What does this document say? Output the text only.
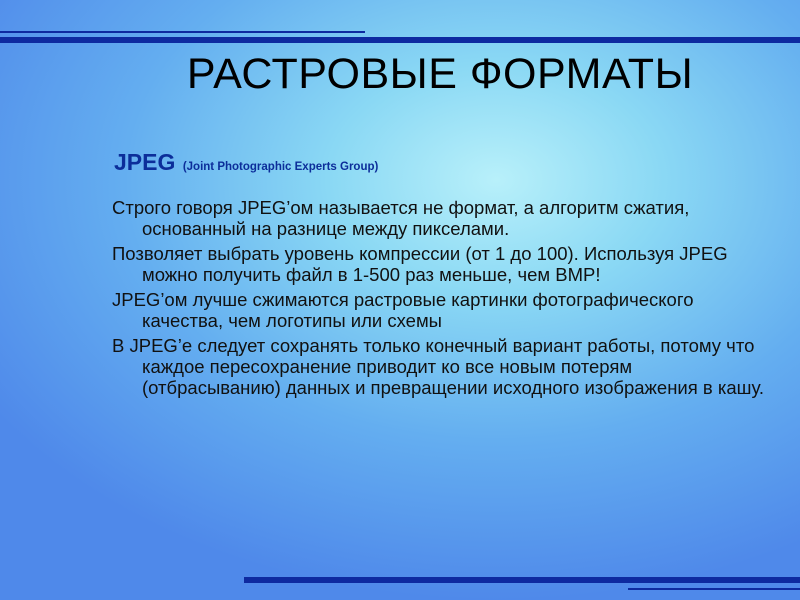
РАСТРОВЫЕ ФОРМАТЫ

JPEG (Joint Photographic Experts Group)

Строго говоря JPEG’ом называется не формат, а алгоритм сжатия, основанный на разнице между пикселами.
Позволяет выбрать уровень компрессии (от 1 до 100). Используя JPEG можно получить файл в 1-500 раз меньше, чем BMP!
JPEG’ом лучше сжимаются растровые картинки фотографического качества, чем логотипы или схемы
В JPEG’е следует сохранять только конечный вариант работы, потому что каждое пересохранение приводит ко все новым потерям (отбрасыванию) данных и превращении исходного изображения в кашу.
